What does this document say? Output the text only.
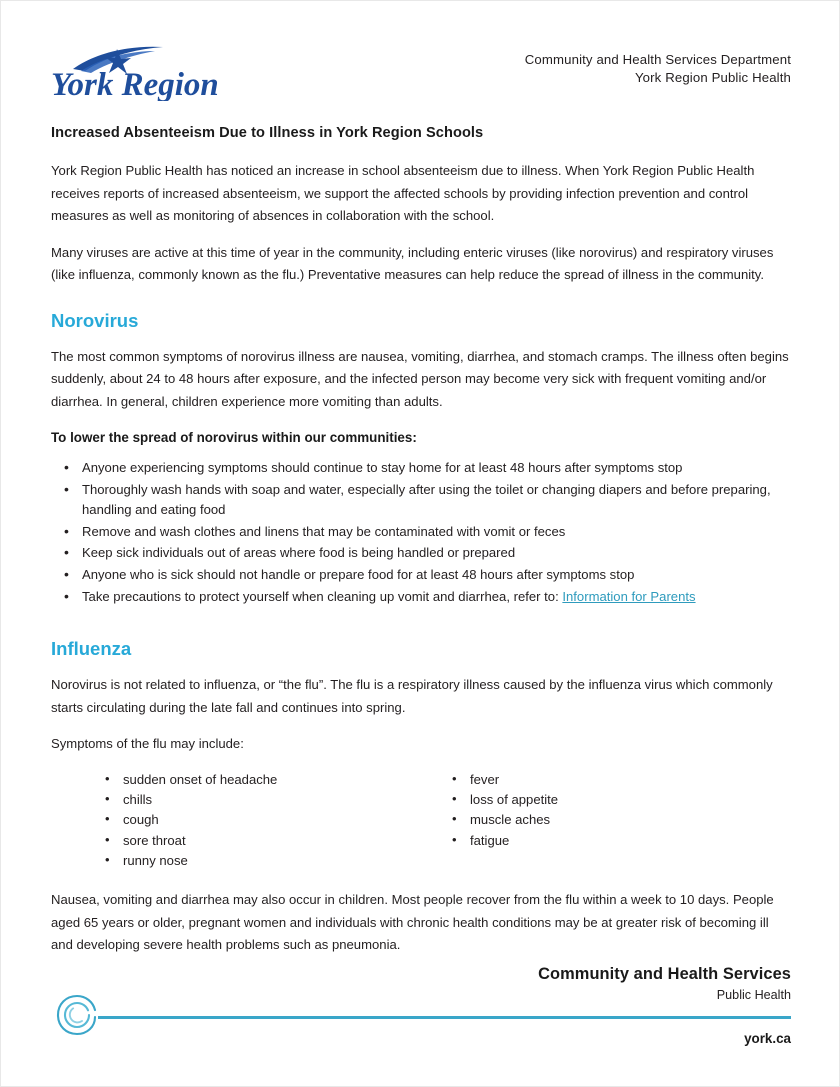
York Region
Community and Health Services Department
York Region Public Health
Increased Absenteeism Due to Illness in York Region Schools

York Region Public Health has noticed an increase in school absenteeism due to illness. When York Region Public Health receives reports of increased absenteeism, we support the affected schools by providing infection prevention and control measures as well as monitoring of absences in collaboration with the school.

Many viruses are active at this time of year in the community, including enteric viruses (like norovirus) and respiratory viruses (like influenza, commonly known as the flu.) Preventative measures can help reduce the spread of illness in the community.

Norovirus

The most common symptoms of norovirus illness are nausea, vomiting, diarrhea, and stomach cramps. The illness often begins suddenly, about 24 to 48 hours after exposure, and the infected person may become very sick with frequent vomiting and/or diarrhea. In general, children experience more vomiting than adults.

To lower the spread of norovirus within our communities:

• Anyone experiencing symptoms should continue to stay home for at least 48 hours after symptoms stop
• Thoroughly wash hands with soap and water, especially after using the toilet or changing diapers and before preparing, handling and eating food
• Remove and wash clothes and linens that may be contaminated with vomit or feces
• Keep sick individuals out of areas where food is being handled or prepared
• Anyone who is sick should not handle or prepare food for at least 48 hours after symptoms stop
• Take precautions to protect yourself when cleaning up vomit and diarrhea, refer to: Information for Parents
Influenza

Norovirus is not related to influenza, or “the flu”. The flu is a respiratory illness caused by the influenza virus which commonly starts circulating during the late fall and continues into spring.

Symptoms of the flu may include:

• sudden onset of headache
• chills
• cough
• sore throat
• runny nose
• fever
• loss of appetite
• muscle aches
• fatigue

Nausea, vomiting and diarrhea may also occur in children. Most people recover from the flu within a week to 10 days. People aged 65 years or older, pregnant women and individuals with chronic health conditions may be at greater risk of becoming ill and developing severe health problems such as pneumonia.

Community and Health Services
Public Health
york.ca
